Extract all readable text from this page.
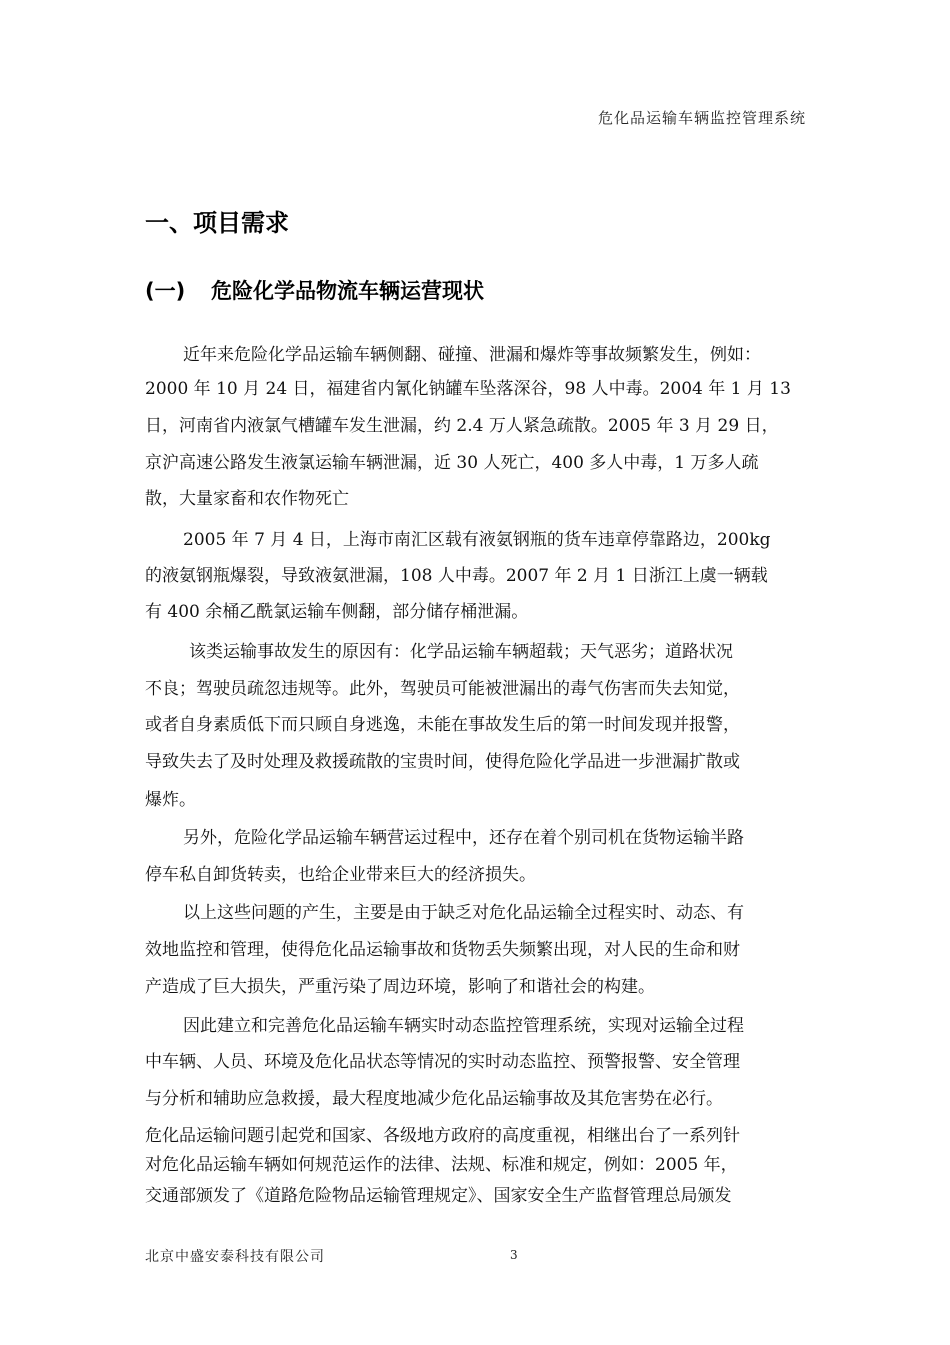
危化品运输车辆监控管理系统
一、项目需求
(一) 危险化学品物流车辆运营现状
近年来危险化学品运输车辆侧翻、碰撞、泄漏和爆炸等事故频繁发生，例如：
2000 年 10 月 24 日，福建省内氰化钠罐车坠落深谷，98 人中毒。2004 年 1 月 13
日，河南省内液氯气槽罐车发生泄漏，约 2.4 万人紧急疏散。2005 年 3 月 29 日，
京沪高速公路发生液氯运输车辆泄漏，近 30 人死亡，400 多人中毒，1 万多人疏
散，大量家畜和农作物死亡
2005 年 7 月 4 日，上海市南汇区载有液氨钢瓶的货车违章停靠路边，200kg
的液氨钢瓶爆裂，导致液氨泄漏，108 人中毒。2007 年 2 月 1 日浙江上虞一辆载
有 400 余桶乙酰氯运输车侧翻，部分储存桶泄漏。
该类运输事故发生的原因有：化学品运输车辆超载；天气恶劣；道路状况
不良；驾驶员疏忽违规等。此外，驾驶员可能被泄漏出的毒气伤害而失去知觉，
或者自身素质低下而只顾自身逃逸，未能在事故发生后的第一时间发现并报警，
导致失去了及时处理及救援疏散的宝贵时间，使得危险化学品进一步泄漏扩散或
爆炸。
另外，危险化学品运输车辆营运过程中，还存在着个别司机在货物运输半路
停车私自卸货转卖，也给企业带来巨大的经济损失。
以上这些问题的产生，主要是由于缺乏对危化品运输全过程实时、动态、有
效地监控和管理，使得危化品运输事故和货物丢失频繁出现，对人民的生命和财
产造成了巨大损失，严重污染了周边环境，影响了和谐社会的构建。
因此建立和完善危化品运输车辆实时动态监控管理系统，实现对运输全过程
中车辆、人员、环境及危化品状态等情况的实时动态监控、预警报警、安全管理
与分析和辅助应急救援，最大程度地减少危化品运输事故及其危害势在必行。
危化品运输问题引起党和国家、各级地方政府的高度重视，相继出台了一系列针
对危化品运输车辆如何规范运作的法律、法规、标准和规定，例如：2005 年，
交通部颁发了《道路危险物品运输管理规定》、国家安全生产监督管理总局颁发
北京中盛安泰科技有限公司	3
